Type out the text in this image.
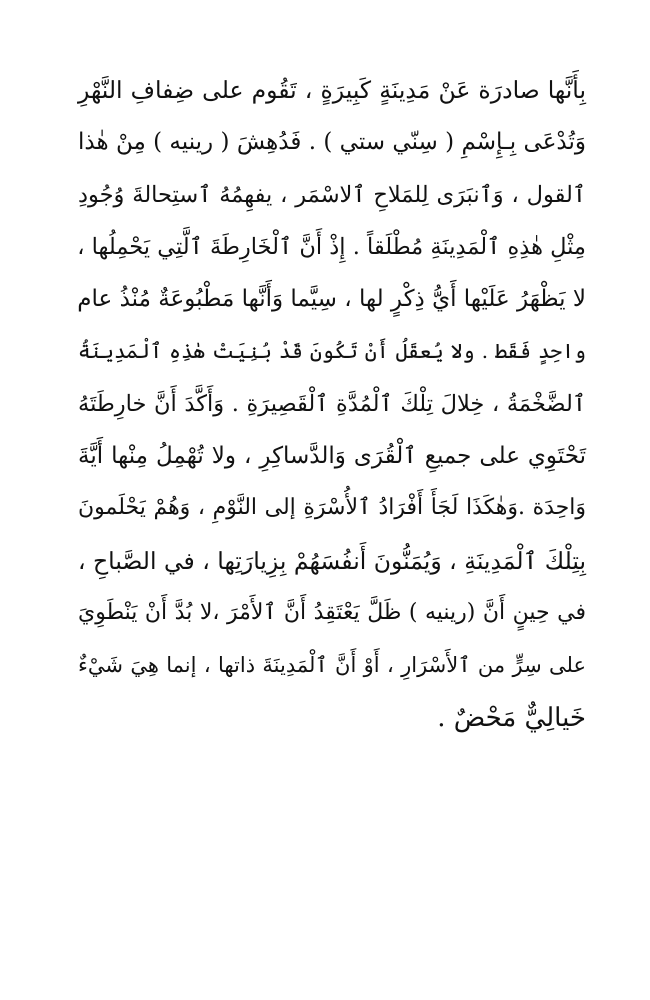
بِأَنَّها صادرَة عَنْ مَدِينَةٍ كَبِيرَةٍ ، تَقُوم على ضِفافِ النَّهْرِ
وَتُدْعَى بِـإِسْمِ ( سِنّي ستي ) . فَدُهِشَ ( رينيه ) مِنْ هٰذا
ٱلقول ، وَٱنبَرَى لِلمَلاحِ ٱلاسْمَر ، يفهِمُهُ ٱستِحالةَ وُجُودِ
مِثْلِ هٰذِهِ ٱلْمَدِينَةِ مُطْلَقاً . إِذْ أَنَّ ٱلْخَارِطَةَ ٱلَّتِي يَحْمِلُها ،
لا يَظْهَرُ عَلَيْها أَيُّ ذِكْرٍ لها ، سِيَّما وَأَنَّها مَطْبُوعَةٌ مُنْذُ عام
واحِدٍ فَقَط . ولا يُعقَلُ أَنْ تَكُونَ قَدْ بُنِيَتْ هٰذِهِ ٱلْمَدِينَةُ
ٱلضَّخْمَةُ ، خِلالَ تِلْكَ ٱلْمُدَّةِ ٱلْقَصِيرَةِ . وَأَكَّدَ أَنَّ خارِطَتَهُ
تَحْتَوِي على جميعِ ٱلْقُرَى وَالدَّساكِرِ ، ولا تُهْمِلُ مِنْها أَيَّةَ
وَاحِدَة .وَهٰكَذَا لَجَأَ أَفْرَادُ ٱلأُسْرَةِ إلى النَّوْمِ ، وَهُمْ يَحْلَمونَ
بِتِلْكَ ٱلْمَدِينَةِ ، وَيُمَنُّونَ أَنفُسَهُمْ بِزِيارَتِها ، في الصَّباحِ ،
في حِينٍ أَنَّ (رينيه ) ظَلَّ يَعْتَقِدُ أَنَّ ٱلأَمْرَ ،لا بُدَّ أَنْ يَنْطَوِيَ
على سِرٍّ من ٱلأَسْرَارِ ، أَوْ أَنَّ ٱلْمَدِينَةَ ذاتها ، إنما هِيَ شَيْءٌ
خَيالِيٌّ مَحْضٌ .
